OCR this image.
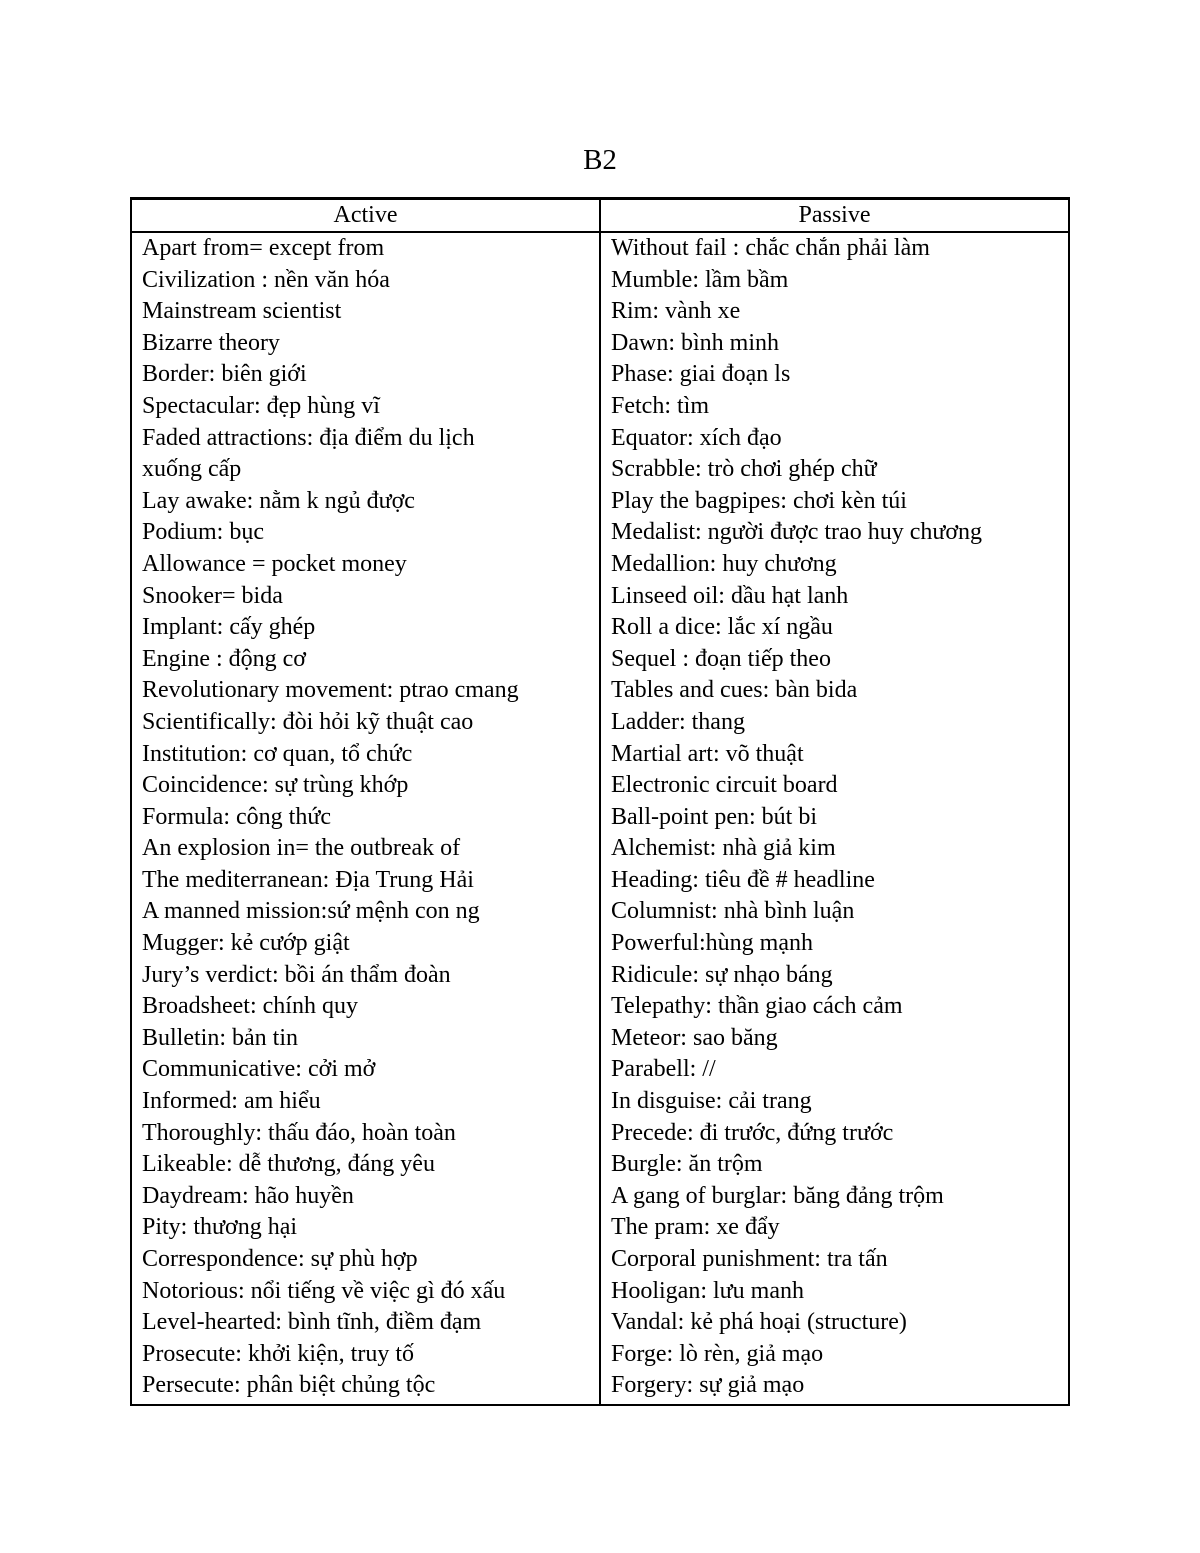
B2
Active	Passive
Apart from= except from
Civilization : nền văn hóa
Mainstream scientist
Bizarre theory
Border: biên giới
Spectacular: đẹp hùng vĩ
Faded attractions: địa điểm du lịch
xuống cấp
Lay awake: nằm k ngủ được
Podium: bục
Allowance = pocket money
Snooker= bida
Implant: cấy ghép
Engine : động cơ
Revolutionary movement: ptrao cmang
Scientifically: đòi hỏi kỹ thuật cao
Institution: cơ quan, tổ chức
Coincidence: sự trùng khớp
Formula: công thức
An explosion in= the outbreak of
The mediterranean: Địa Trung Hải
A manned mission:sứ mệnh con ng
Mugger: kẻ cướp giật
Jury’s verdict: bồi án thẩm đoàn
Broadsheet: chính quy
Bulletin: bản tin
Communicative: cởi mở
Informed: am hiểu
Thoroughly: thấu đáo, hoàn toàn
Likeable: dễ thương, đáng yêu
Daydream: hão huyền
Pity: thương hại
Correspondence: sự phù hợp
Notorious: nổi tiếng về việc gì đó xấu
Level-hearted: bình tĩnh, điềm đạm
Prosecute: khởi kiện, truy tố
Persecute: phân biệt chủng tộc
Without fail : chắc chắn phải làm
Mumble: lầm bầm
Rim: vành xe
Dawn: bình minh
Phase: giai đoạn ls
Fetch: tìm
Equator: xích đạo
Scrabble: trò chơi ghép chữ
Play the bagpipes: chơi kèn túi
Medalist: người được trao huy chương
Medallion: huy chương
Linseed oil: dầu hạt lanh
Roll a dice: lắc xí ngầu
Sequel : đoạn tiếp theo
Tables and cues: bàn bida
Ladder: thang
Martial art: võ thuật
Electronic circuit board
Ball-point pen: bút bi
Alchemist: nhà giả kim
Heading: tiêu đề # headline
Columnist: nhà bình luận
Powerful:hùng mạnh
Ridicule: sự nhạo báng
Telepathy: thần giao cách cảm
Meteor: sao băng
Parabell: //
In disguise: cải trang
Precede: đi trước, đứng trước
Burgle: ăn trộm
A gang of burglar: băng đảng trộm
The pram: xe đẩy
Corporal punishment: tra tấn
Hooligan: lưu manh
Vandal: kẻ phá hoại (structure)
Forge: lò rèn, giả mạo
Forgery: sự giả mạo
